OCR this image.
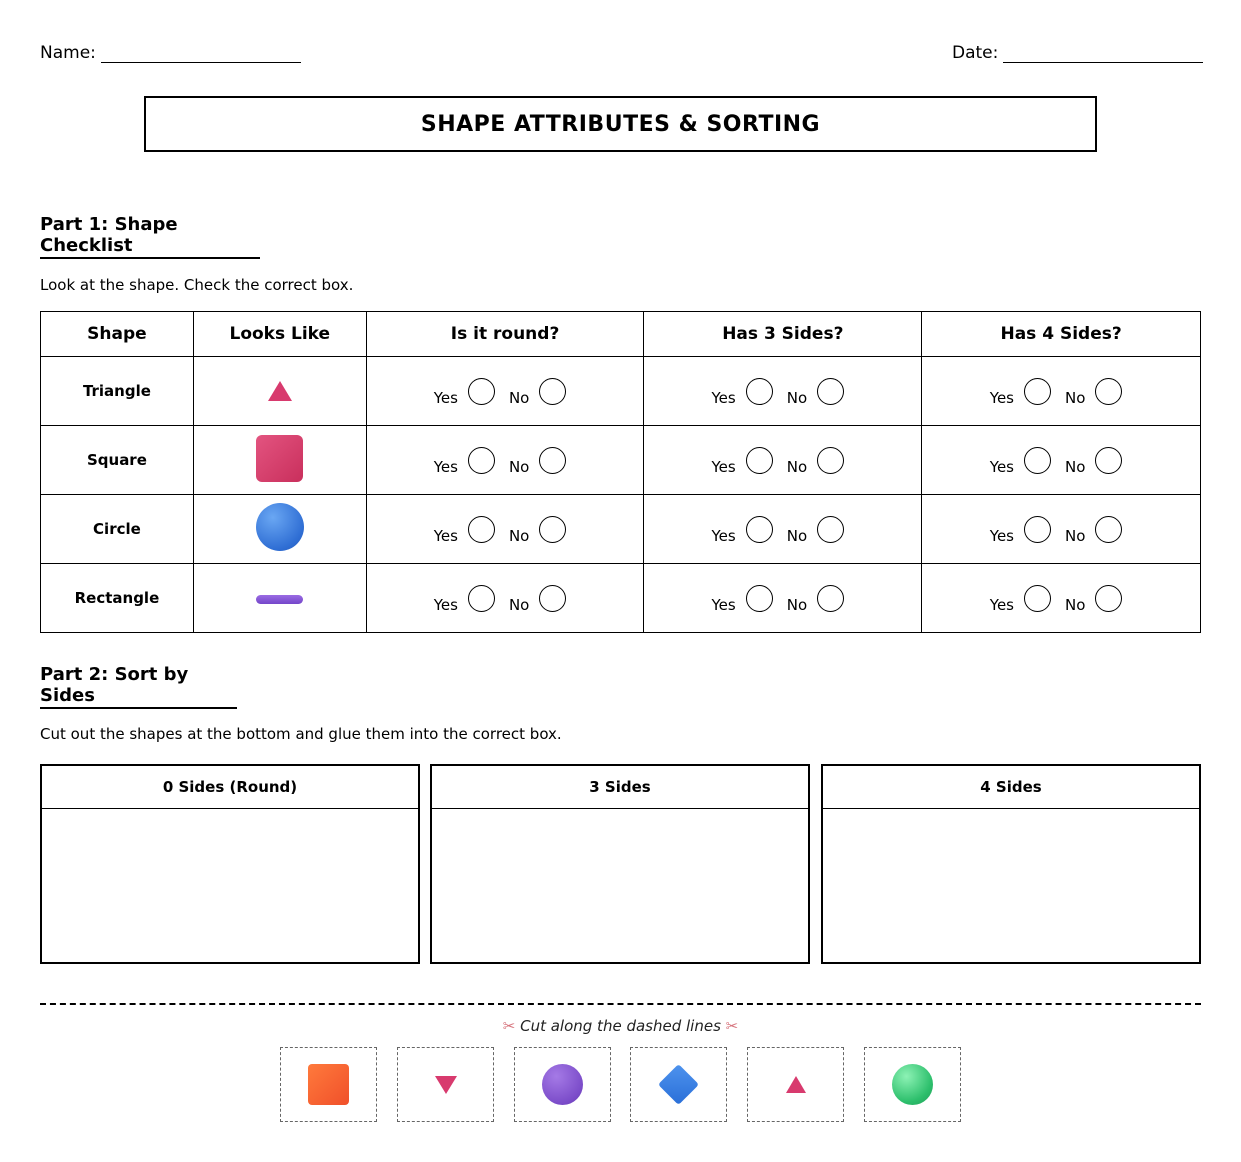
Name:	Date:
SHAPE ATTRIBUTES & SORTING
Part 1: Shape Checklist
Look at the shape. Check the correct box.
Shape	Looks Like	Is it round?	Has 3 Sides?	Has 4 Sides?
Triangle		Yes No	Yes No	Yes No

Square		Yes No	Yes No	Yes No

Circle		Yes No	Yes No	Yes No

Rectangle		Yes No	Yes No	Yes No
Part 2: Sort by Sides
Cut out the shapes at the bottom and glue them into the correct box.
0 Sides (Round)	3 Sides	4 Sides
✂ Cut along the dashed lines ✂
